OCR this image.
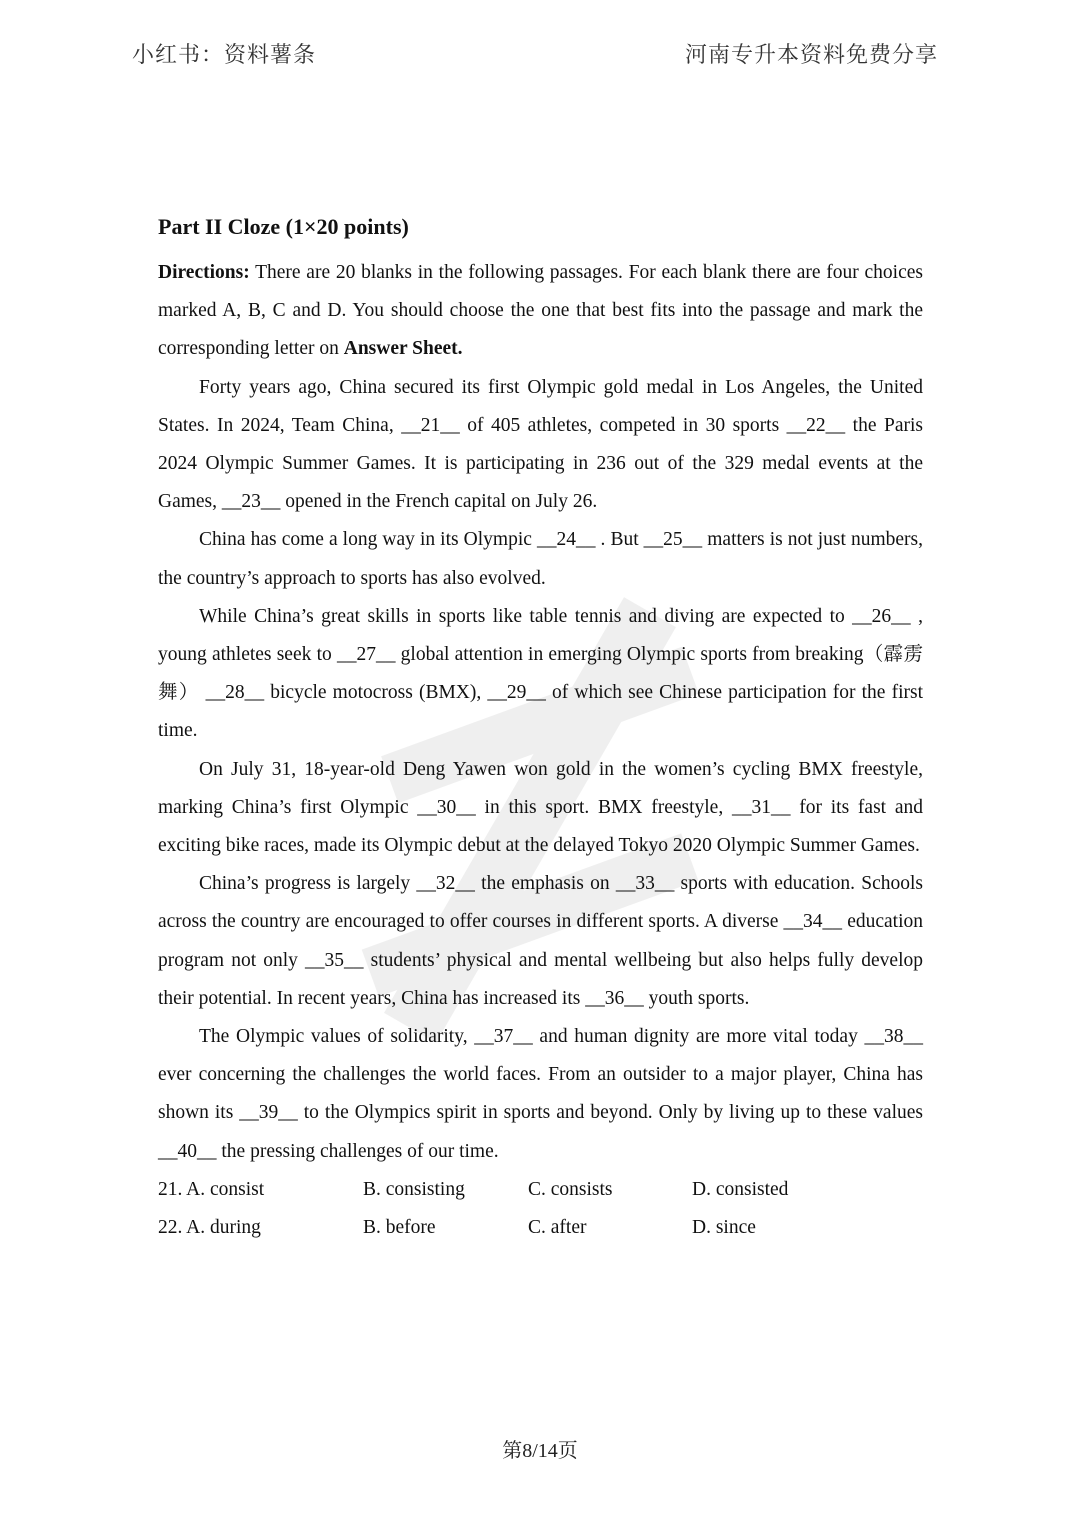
小红书：资料薯条	河南专升本资料免费分享
Part II Cloze (1×20 points)

Directions: There are 20 blanks in the following passages. For each blank there are four choices marked A, B, C and D. You should choose the one that best fits into the passage and mark the corresponding letter on Answer Sheet.

Forty years ago, China secured its first Olympic gold medal in Los Angeles, the United States. In 2024, Team China, __21__ of 405 athletes, competed in 30 sports __22__ the Paris 2024 Olympic Summer Games. It is participating in 236 out of the 329 medal events at the Games, __23__ opened in the French capital on July 26.

China has come a long way in its Olympic __24__ . But __25__ matters is not just numbers, the country’s approach to sports has also evolved.

While China’s great skills in sports like table tennis and diving are expected to __26__ , young athletes seek to __27__ global attention in emerging Olympic sports from breaking（霹雳舞） __28__ bicycle motocross (BMX), __29__ of which see Chinese participation for the first time.

On July 31, 18-year-old Deng Yawen won gold in the women’s cycling BMX freestyle, marking China’s first Olympic __30__ in this sport. BMX freestyle, __31__ for its fast and exciting bike races, made its Olympic debut at the delayed Tokyo 2020 Olympic Summer Games.

China’s progress is largely __32__ the emphasis on __33__ sports with education. Schools across the country are encouraged to offer courses in different sports. A diverse __34__ education program not only __35__ students’ physical and mental wellbeing but also helps fully develop their potential. In recent years, China has increased its __36__ youth sports.

The Olympic values of solidarity, __37__ and human dignity are more vital today __38__ ever concerning the challenges the world faces. From an outsider to a major player, China has shown its __39__ to the Olympics spirit in sports and beyond. Only by living up to these values __40__ the pressing challenges of our time.

21. A. consist	B. consisting	C. consists	D. consisted
22. A. during	B. before	C. after	D. since
第8/14页
